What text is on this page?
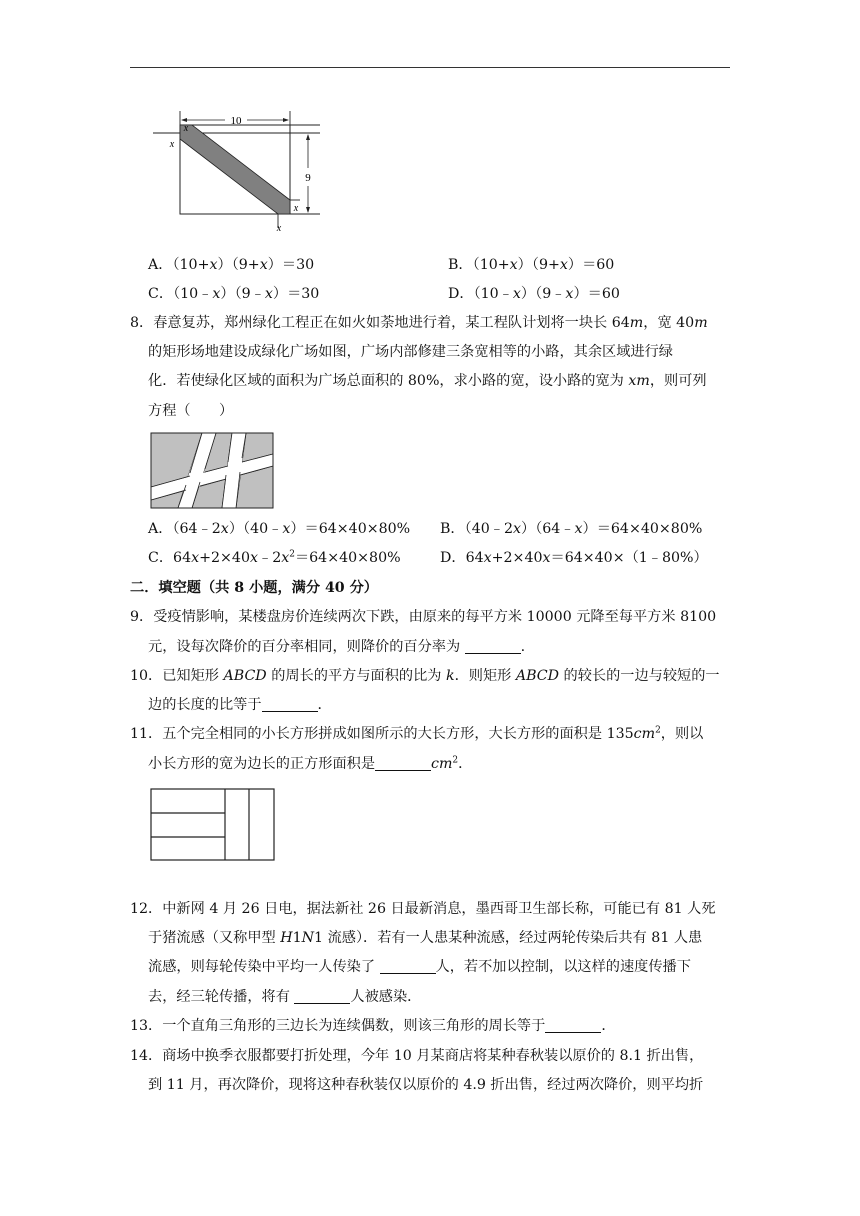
10
9
x
x
x
x
A．（10+x）（9+x）＝30	B．（10+x）（9+x）＝60
C．（10﹣x）（9﹣x）＝30	D．（10﹣x）（9﹣x）＝60
8．春意复苏，郑州绿化工程正在如火如荼地进行着，某工程队计划将一块长 64m，宽 40m
的矩形场地建设成绿化广场如图，广场内部修建三条宽相等的小路，其余区域进行绿
化．若使绿化区域的面积为广场总面积的 80%，求小路的宽，设小路的宽为 xm，则可列
方程（　　）
A．（64﹣2x）（40﹣x）＝64×40×80% B．（40﹣2x）（64﹣x）＝64×40×80%
C．$64x+2\times 40x﹣2x^2=64\times 40\times 80\%$	D．64x+2×40x＝64×40×（1﹣80%）
二．填空题（共 8 小题，满分 40 分）
9．受疫情影响，某楼盘房价连续两次下跌，由原来的每平方米 10000 元降至每平方米 8100
元，设每次降价的百分率相同，则降价的百分率为	.
10．已知矩形 ABCD 的周长的平方与面积的比为 k．则矩形 ABCD 的较长的一边与较短的一
边的长度的比等于	．
11．五个完全相同的小长方形拼成如图所示的大长方形，大长方形的面积是 $135cm^2$，则以
小长方形的宽为边长的正方形面积是	$cm^2$．
12．中新网 4 月 26 日电，据法新社 26 日最新消息，墨西哥卫生部长称，可能已有 81 人死
于猪流感（又称甲型 H1N1 流感）．若有一人患某种流感，经过两轮传染后共有 81 人患
流感，则每轮传染中平均一人传染了	人，若不加以控制，以这样的速度传播下
去，经三轮传播，将有	人被感染．
13．一个直角三角形的三边长为连续偶数，则该三角形的周长等于	．
14．商场中换季衣服都要打折处理，今年 10 月某商店将某种春秋装以原价的 8.1 折出售，
到 11 月，再次降价，现将这种春秋装仅以原价的 4.9 折出售，经过两次降价，则平均折
